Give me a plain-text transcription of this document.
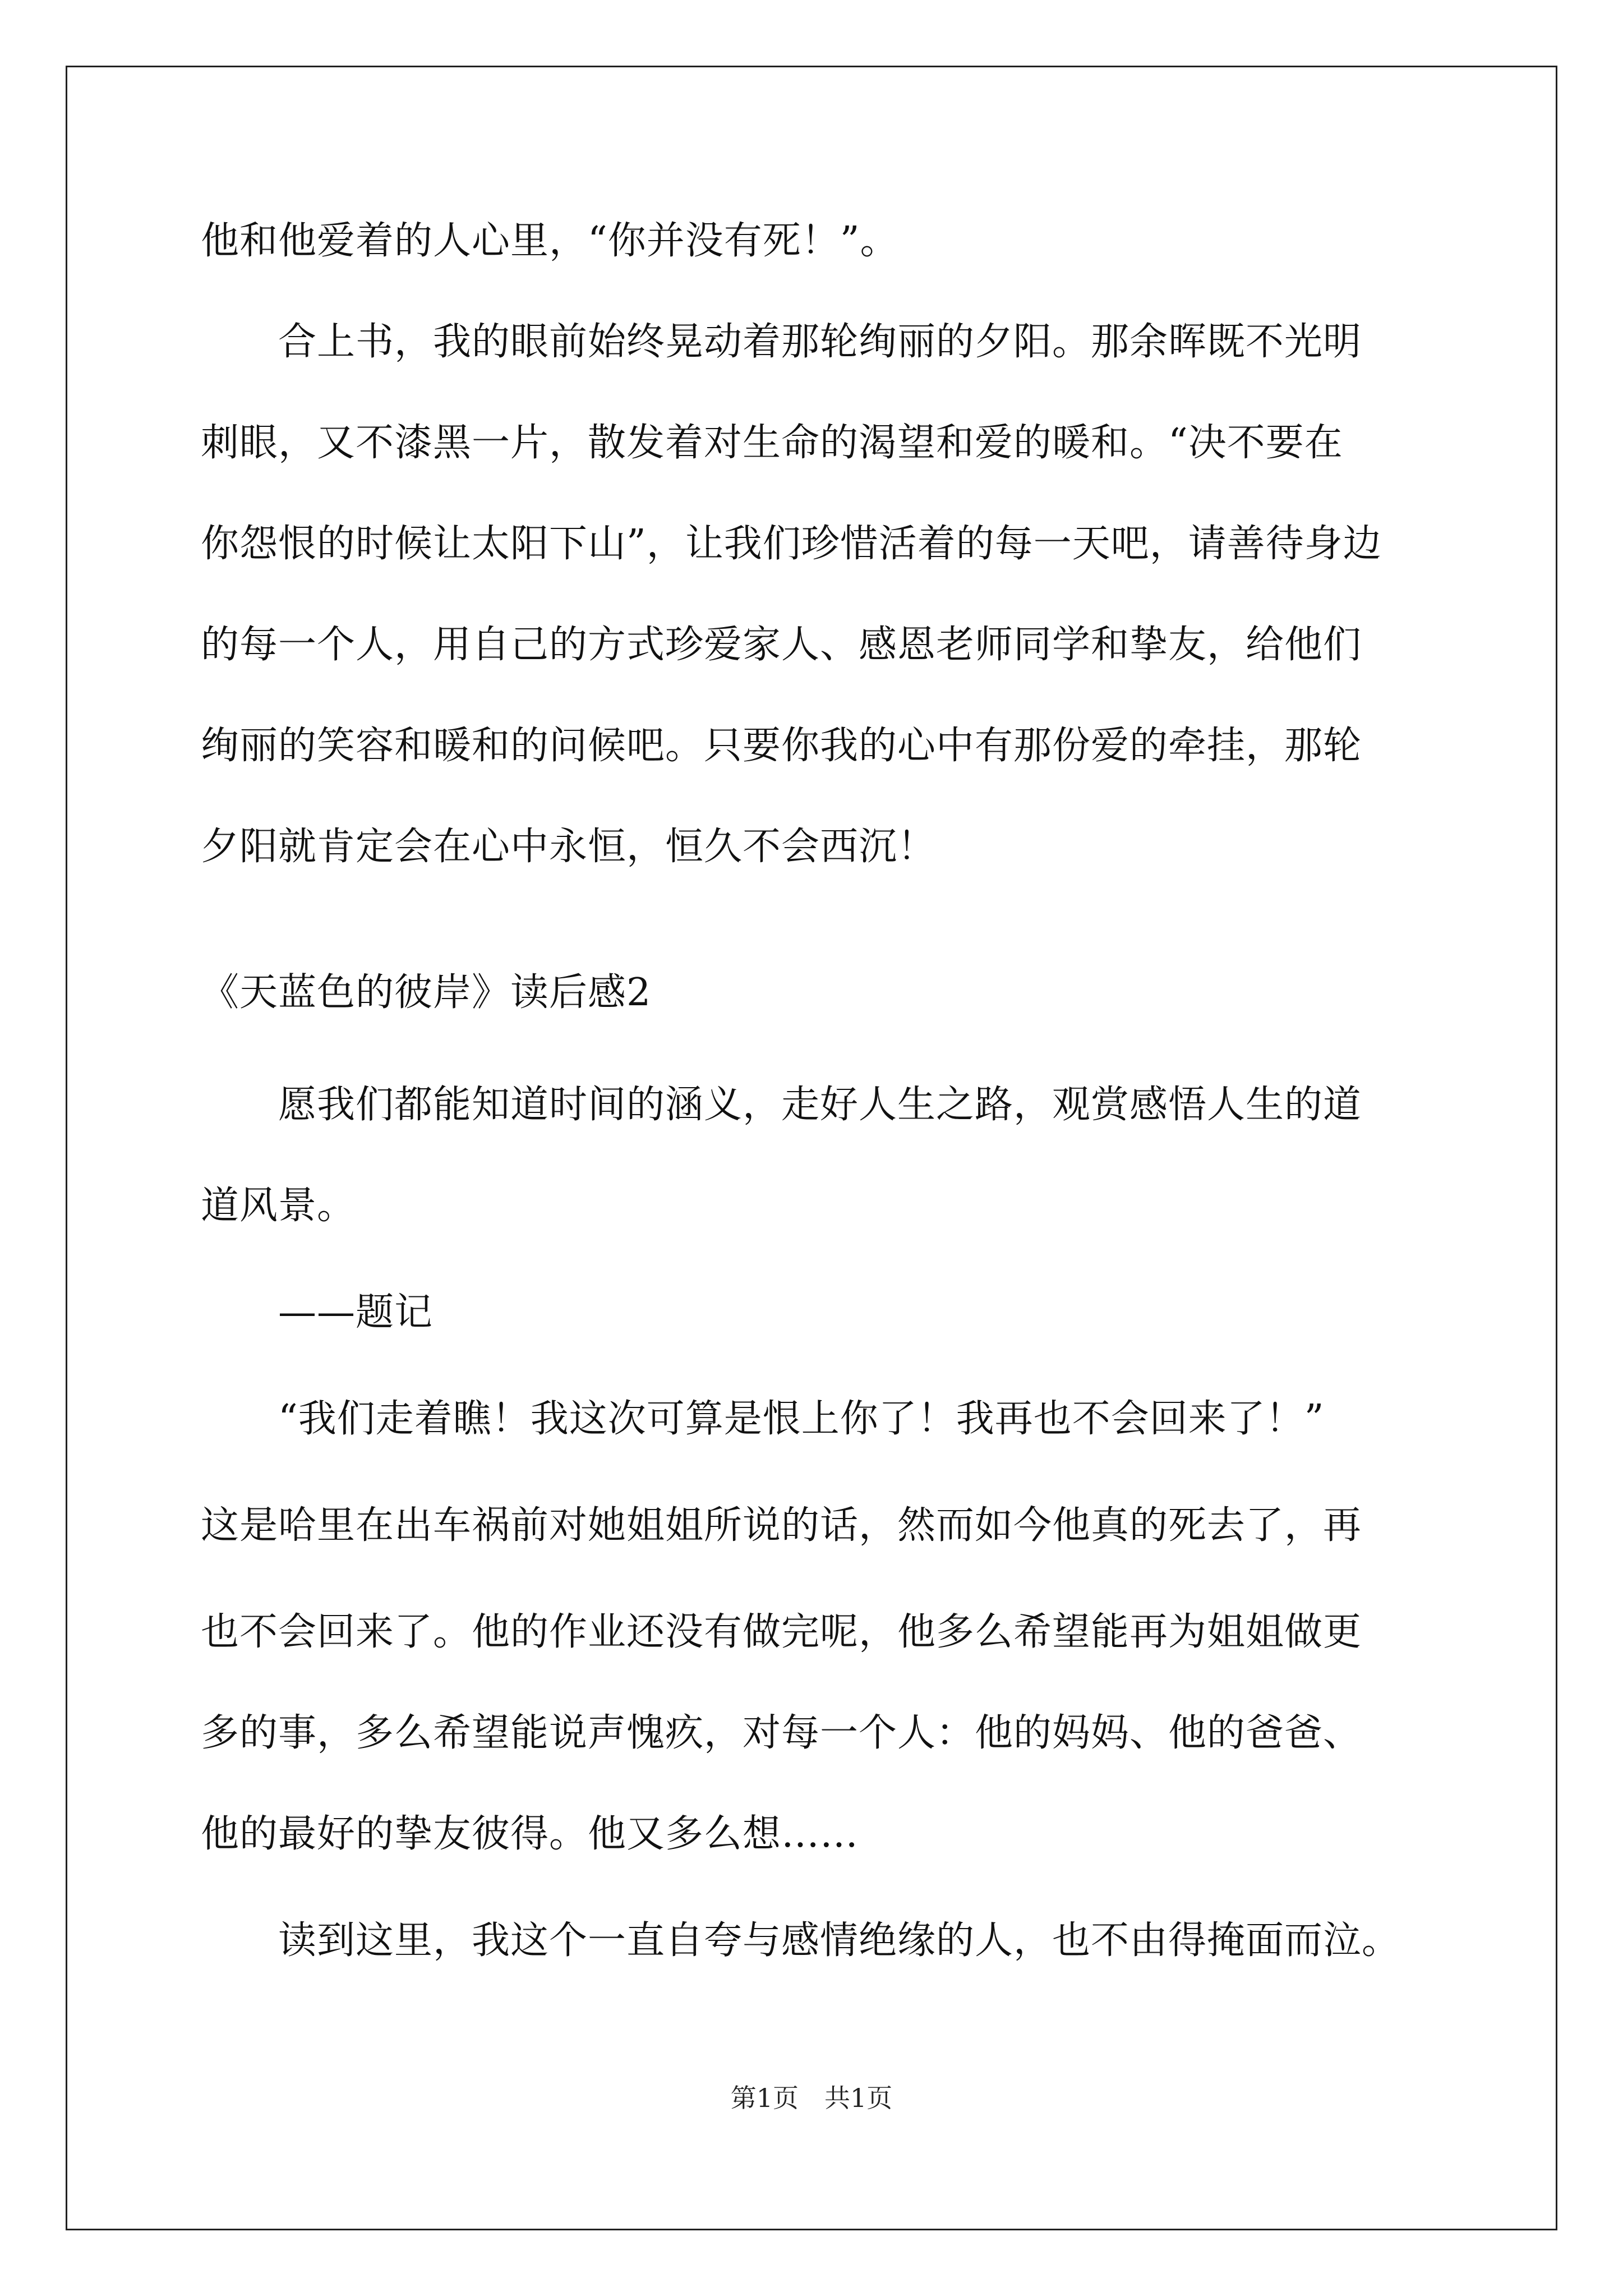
他和他爱着的人心里，“你并没有死！”。
　　合上书，我的眼前始终晃动着那轮绚丽的夕阳。那余晖既不光明
刺眼，又不漆黑一片，散发着对生命的渴望和爱的暖和。“决不要在
你怨恨的时候让太阳下山”，让我们珍惜活着的每一天吧，请善待身边
的每一个人，用自己的方式珍爱家人、感恩老师同学和挚友，给他们
绚丽的笑容和暖和的问候吧。只要你我的心中有那份爱的牵挂，那轮
夕阳就肯定会在心中永恒，恒久不会西沉！
《天蓝色的彼岸》读后感2
　　愿我们都能知道时间的涵义，走好人生之路，观赏感悟人生的道
道风景。
　　——题记
　　“我们走着瞧！我这次可算是恨上你了！我再也不会回来了！”
这是哈里在出车祸前对她姐姐所说的话，然而如今他真的死去了，再
也不会回来了。他的作业还没有做完呢，他多么希望能再为姐姐做更
多的事，多么希望能说声愧疚，对每一个人：他的妈妈、他的爸爸、
他的最好的挚友彼得。他又多么想……
　　读到这里，我这个一直自夸与感情绝缘的人，也不由得掩面而泣。
第1页　共1页
